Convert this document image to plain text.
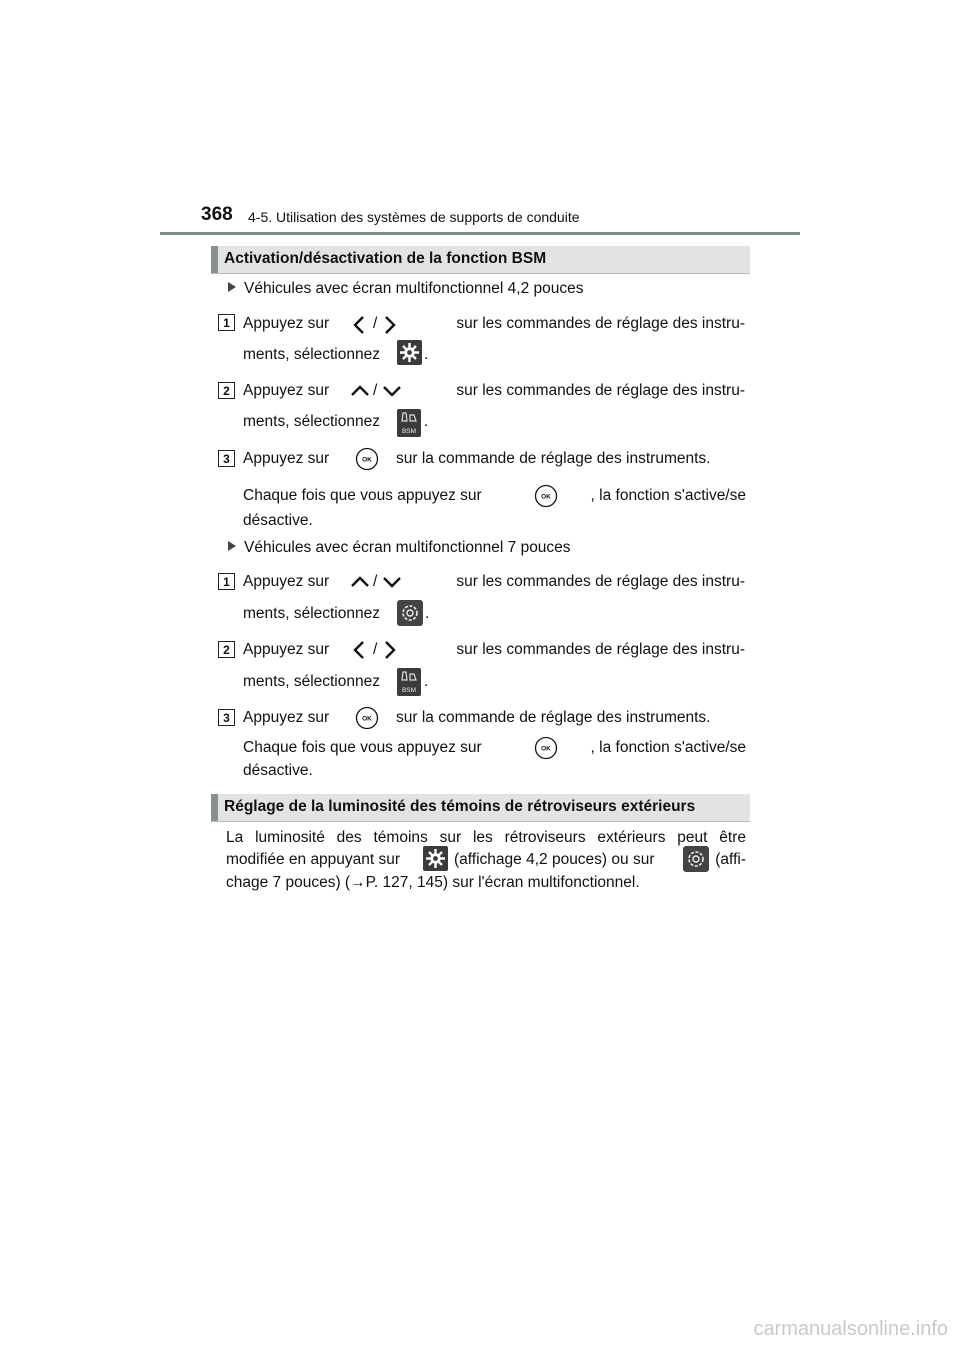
368 4-5. Utilisation des systèmes de supports de conduite
Activation/désactivation de la fonction BSM
Véhicules avec écran multifonctionnel 4,2 pouces
1 Appuyez sur	/	sur les commandes de réglage des instru-
ments, sélectionnez	.
2 Appuyez sur	/	sur les commandes de réglage des instru-
ments, sélectionnez
BSM
.
3 Appuyez sur	OK sur la commande de réglage des instruments.
Chaque fois que vous appuyez sur	OK	, la fonction s'active/se
désactive.
Véhicules avec écran multifonctionnel 7 pouces
1 Appuyez sur	/	sur les commandes de réglage des instru-
ments, sélectionnez	.
2 Appuyez sur	/	sur les commandes de réglage des instru-
ments, sélectionnez
BSM
.
3 Appuyez sur	OK sur la commande de réglage des instruments.
Chaque fois que vous appuyez sur	OK	, la fonction s'active/se
désactive.
Réglage de la luminosité des témoins de rétroviseurs extérieurs
La luminosité des témoins sur les rétroviseurs extérieurs peut être
modifiée en appuyant sur	(affichage 4,2 pouces) ou sur	(affi-
chage 7 pouces) (→P. 127, 145) sur l'écran multifonctionnel.
carmanualsonline.info
